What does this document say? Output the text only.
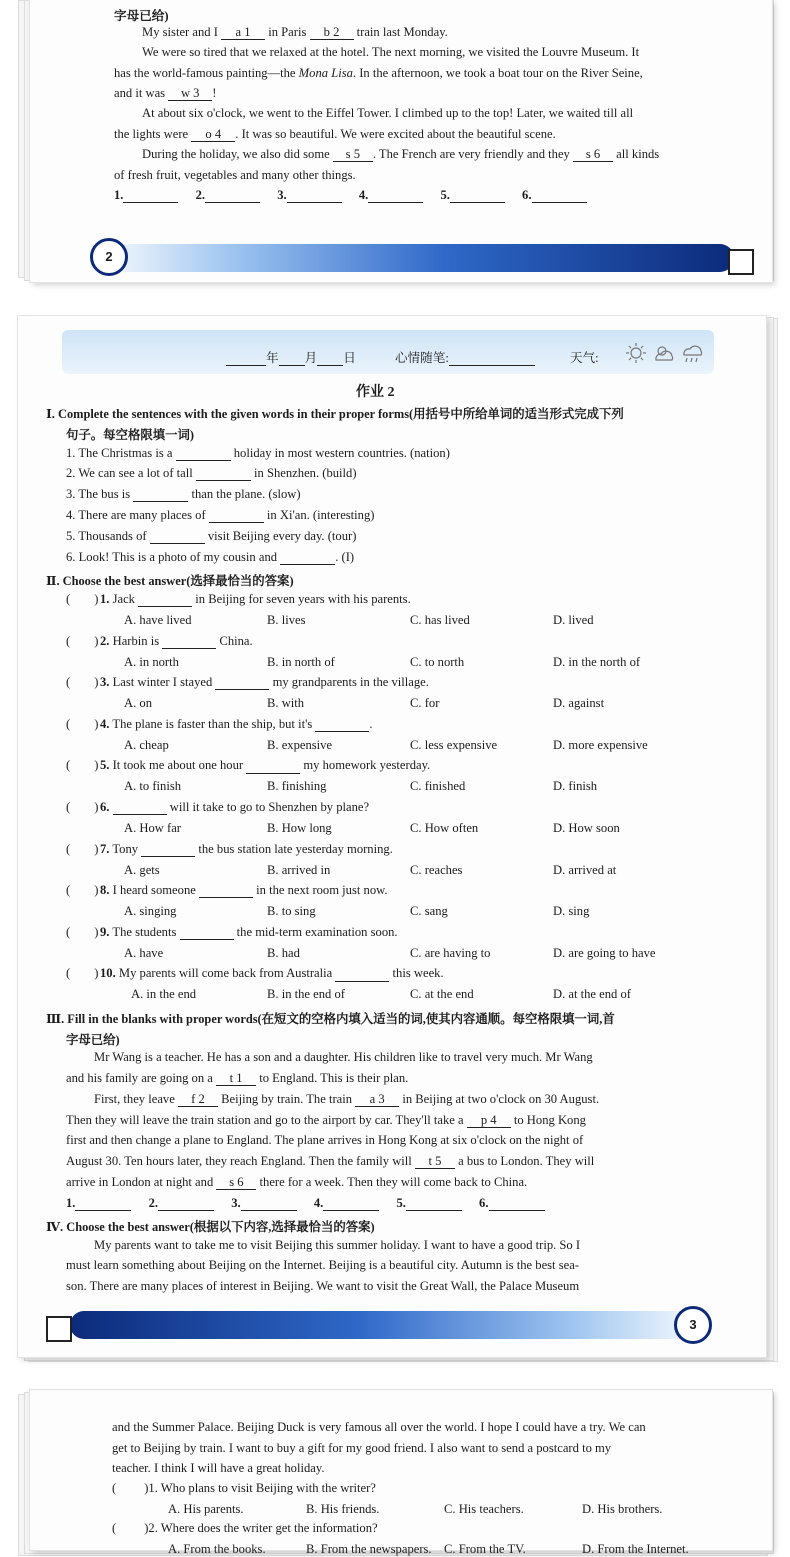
字母已给)
My sister and I a 1 in Paris b 2 train last Monday.
We were so tired that we relaxed at the hotel. The next morning, we visited the Louvre Museum. It
has the world-famous painting—the Mona Lisa. In the afternoon, we took a boat tour on the River Seine,
and it was w 3!
At about six o'clock, we went to the Eiffel Tower. I climbed up to the top! Later, we waited till all
the lights were o 4. It was so beautiful. We were excited about the beautiful scene.
During the holiday, we also did some s 5. The French are very friendly and they s 6 all kinds
of fresh fruit, vegetables and many other things.
1.	2.	3.	4.	5.	6.
2
年 月 日	心情随笔:	天气:
作业 2
Ⅰ. Complete the sentences with the given words in their proper forms(用括号中所给单词的适当形式完成下列
句子。每空格限填一词)
1. The Christmas is a	holiday in most western countries. (nation)
2. We can see a lot of tall	in Shenzhen. (build)
3. The bus is	than the plane. (slow)
4. There are many places of	in Xi'an. (interesting)
5. Thousands of	visit Beijing every day. (tour)
6. Look! This is a photo of my cousin and	. (I)
Ⅱ. Choose the best answer(选择最恰当的答案)
( ) 1. Jack	in Beijing for seven years with his parents.
A. have lived	B. lives	C. has lived	D. lived
( ) 2. Harbin is	China.
A. in north	B. in north of	C. to north	D. in the north of
( ) 3. Last winter I stayed	my grandparents in the village.
A. on	B. with	C. for	D. against
( ) 4. The plane is faster than the ship, but it's	.
A. cheap	B. expensive	C. less expensive	D. more expensive
( ) 5. It took me about one hour	my homework yesterday.
A. to finish	B. finishing	C. finished	D. finish
( ) 6.	will it take to go to Shenzhen by plane?
A. How far	B. How long	C. How often	D. How soon
( ) 7. Tony	the bus station late yesterday morning.
A. gets	B. arrived in	C. reaches	D. arrived at
( ) 8. I heard someone	in the next room just now.
A. singing	B. to sing	C. sang	D. sing
( ) 9. The students	the mid-term examination soon.
A. have	B. had	C. are having to	D. are going to have
( ) 10. My parents will come back from Australia	this week.
A. in the end	B. in the end of	C. at the end	D. at the end of
Ⅲ. Fill in the blanks with proper words(在短文的空格内填入适当的词,使其内容通顺。每空格限填一词,首
字母已给)
Mr Wang is a teacher. He has a son and a daughter. His children like to travel very much. Mr Wang
and his family are going on a t 1 to England. This is their plan.
First, they leave f 2 Beijing by train. The train a 3 in Beijing at two o'clock on 30 August.
Then they will leave the train station and go to the airport by car. They'll take a p 4 to Hong Kong
first and then change a plane to England. The plane arrives in Hong Kong at six o'clock on the night of
August 30. Ten hours later, they reach England. Then the family will t 5 a bus to London. They will
arrive in London at night and s 6 there for a week. Then they will come back to China.
1.	2.	3.	4.	5.	6.
Ⅳ. Choose the best answer(根据以下内容,选择最恰当的答案)
My parents want to take me to visit Beijing this summer holiday. I want to have a good trip. So I
must learn something about Beijing on the Internet. Beijing is a beautiful city. Autumn is the best sea-
son. There are many places of interest in Beijing. We want to visit the Great Wall, the Palace Museum
3
and the Summer Palace. Beijing Duck is very famous all over the world. I hope I could have a try. We can
get to Beijing by train. I want to buy a gift for my good friend. I also want to send a postcard to my
teacher. I think I will have a great holiday.
( )1. Who plans to visit Beijing with the writer?
A. His parents.	B. His friends.	C. His teachers.	D. His brothers.
( )2. Where does the writer get the information?
A. From the books.	B. From the newspapers. C. From the TV.	D. From the Internet.
